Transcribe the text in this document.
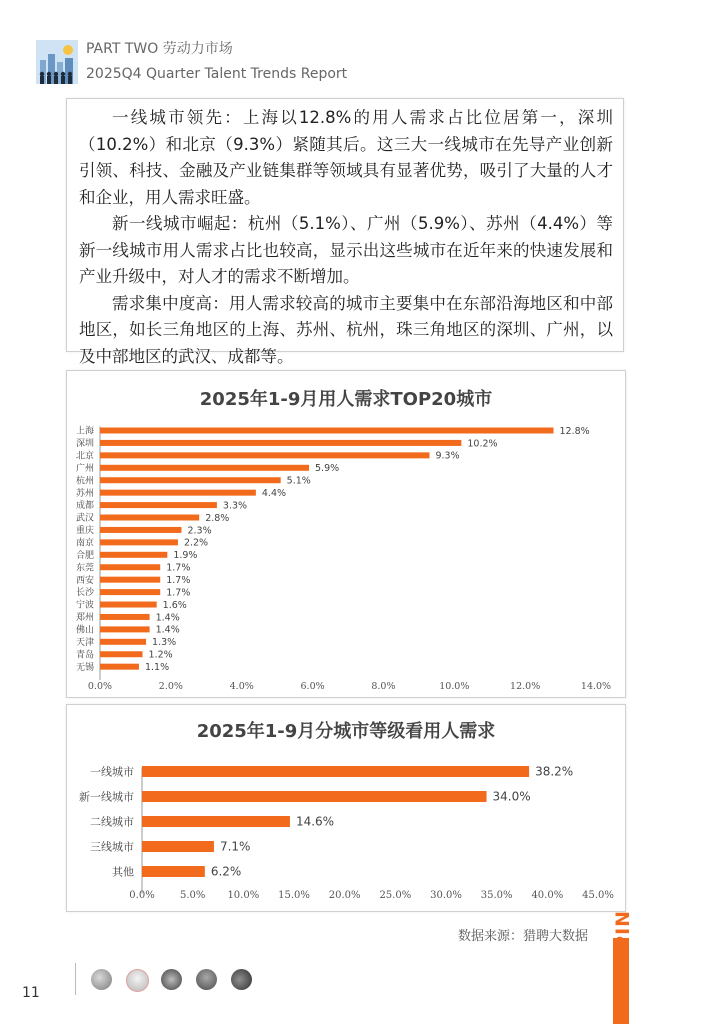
PART TWO 劳动力市场
2025Q4 Quarter Talent Trends Report

一线城市领先：上海以12.8%的用人需求占比位居第一，深圳（10.2%）和北京（9.3%）紧随其后。这三大一线城市在先导产业创新引领、科技、金融及产业链集群等领域具有显著优势，吸引了大量的人才和企业，用人需求旺盛。

新一线城市崛起：杭州（5.1%）、广州（5.9%）、苏州（4.4%）等新一线城市用人需求占比也较高，显示出这些城市在近年来的快速发展和产业升级中，对人才的需求不断增加。

需求集中度高：用人需求较高的城市主要集中在东部沿海地区和中部地区，如长三角地区的上海、苏州、杭州，珠三角地区的深圳、广州，以及中部地区的武汉、成都等。

2025年1-9月用人需求TOP20城市
上海	12.8%
深圳	10.2%
北京	9.3%
广州	5.9%
杭州	5.1%
苏州	4.4%
成都	3.3%
武汉	2.8%
重庆	2.3%
南京	2.2%
合肥	1.9%
东莞	1.7%
西安	1.7%
长沙	1.7%
宁波	1.6%
郑州	1.4%
佛山	1.4%
天津	1.3%
青岛	1.2%
无锡	1.1%
0.0%	2.0%	4.0%	6.0%	8.0%	10.0%	12.0%	14.0%
2025年1-9月分城市等级看用人需求
一线城市	38.2%
新一线城市	34.0%
二线城市	14.6%
三线城市	7.1%
其他	6.2%
0.0%	5.0% 10.0% 15.0% 20.0% 25.0% 30.0% 35.0% 40.0% 45.0%
数据来源：猎聘大数据
11
LIEPIN
